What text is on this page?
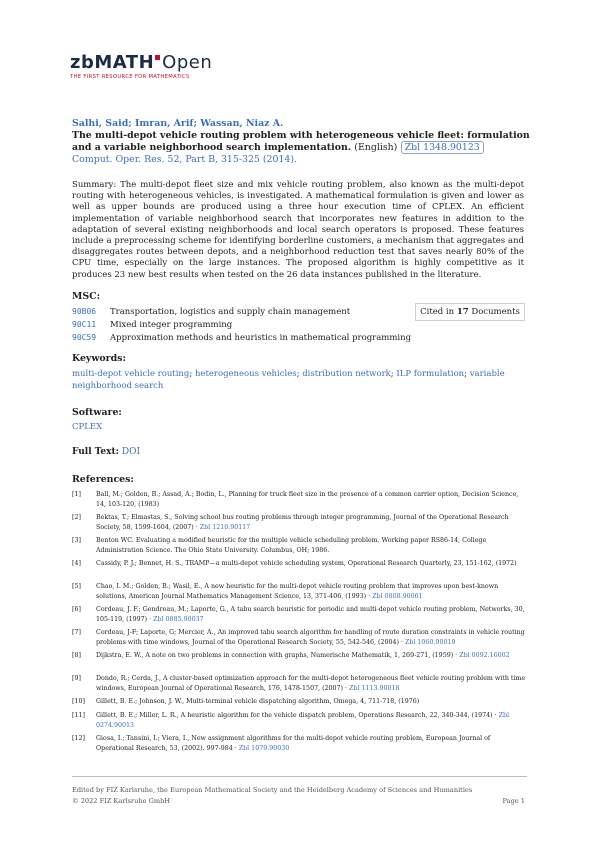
zbMATH Open
THE FIRST RESOURCE FOR MATHEMATICS
Salhi, Said; Imran, Arif; Wassan, Niaz A.
The multi-depot vehicle routing problem with heterogeneous vehicle fleet: formulation and a variable neighborhood search implementation. (English) Zbl 1348.90123
Comput. Oper. Res. 52, Part B, 315-325 (2014).

Summary: The multi-depot fleet size and mix vehicle routing problem, also known as the multi-depot routing with heterogeneous vehicles, is investigated. A mathematical formulation is given and lower as well as upper bounds are produced using a three hour execution time of CPLEX. An efficient implementation of variable neighborhood search that incorporates new features in addition to the adaptation of several existing neighborhoods and local search operators is proposed. These features include a preprocessing scheme for identifying borderline customers, a mechanism that aggregates and disaggregates routes between depots, and a neighborhood reduction test that saves nearly 80% of the CPU time, especially on the large instances. The proposed algorithm is highly competitive as it produces 23 new best results when tested on the 26 data instances published in the literature.

MSC:
90B06 Transportation, logistics and supply chain management
90C11 Mixed integer programming
90C59 Approximation methods and heuristics in mathematical programming
Cited in 17 Documents
Keywords:
multi-depot vehicle routing; heterogeneous vehicles; distribution network; ILP formulation; variable neighborhood search
Software:
CPLEX
Full Text: DOI
References:
[1] Ball, M.; Golden, B.; Assad, A.; Bodin, L., Planning for truck fleet size in the presence of a common carrier option, Decision Science, 14, 103-120, (1983)
[2] Bektas, T.; Elmastas, S., Solving school bus routing problems through integer programming, Journal of the Operational Research Society, 58, 1599-1604, (2007) · Zbl 1210.90117
[3] Benton WC. Evaluating a modified heuristic for the multiple vehicle scheduling problem. Working paper RS86-14, College Administration Science. The Ohio State University. Columbus, OH; 1986.
[4] Cassidy, P. J.; Bennet, H. S., TRAMP—a multi-depot vehicle scheduling system, Operational Research Quarterly, 23, 151-162, (1972)
[5] Chao, I. M.; Golden, B.; Wasil, E., A new heuristic for the multi-depot vehicle routing problem that improves upon best-known solutions, American Journal Mathematics Management Science, 13, 371-406, (1993) · Zbl 0808.90061
[6] Cordeau, J. F.; Gendreau, M.; Laporte, G., A tabu search heuristic for periodic and multi-depot vehicle routing problem, Networks, 30, 105-119, (1997) · Zbl 0885.90037
[7] Cordeau, J-F; Laporte, G; Mercier, A., An improved tabu search algorithm for handling of route duration constraints in vehicle routing problems with time windows, Journal of the Operational Research Society, 55, 542-546, (2004) · Zbl 1060.90019
[8] Dijkstra, E. W., A note on two problems in connection with graphs, Numerische Mathematik, 1, 269-271, (1959) · Zbl 0092.16002
[9] Dondo, R.; Cerda, J., A cluster-based optimization approach for the multi-depot heterogeneous fleet vehicle routing problem with time windows, European Journal of Operational Research, 176, 1478-1507, (2007) · Zbl 1113.90018
[10] Gillett, B. E.; Johnson, J. W., Multi-terminal vehicle dispatching algorithm, Omega, 4, 711-718, (1976)
[11] Gillett, B. E.; Miller, L. R., A heuristic algorithm for the vehicle dispatch problem, Operations Research, 22, 340-344, (1974) · Zbl 0274.90013
[12] Giosa, I.; Tansini, I.; Viera, I., New assignment algorithms for the multi-depot vehicle routing problem, European Journal of Operational Research, 53, (2002). 997-984 · Zbl 1079.90030
Edited by FIZ Karlsruhe, the European Mathematical Society and the Heidelberg Academy of Sciences and Humanities
© 2022 FIZ Karlsruhe GmbH	Page 1
